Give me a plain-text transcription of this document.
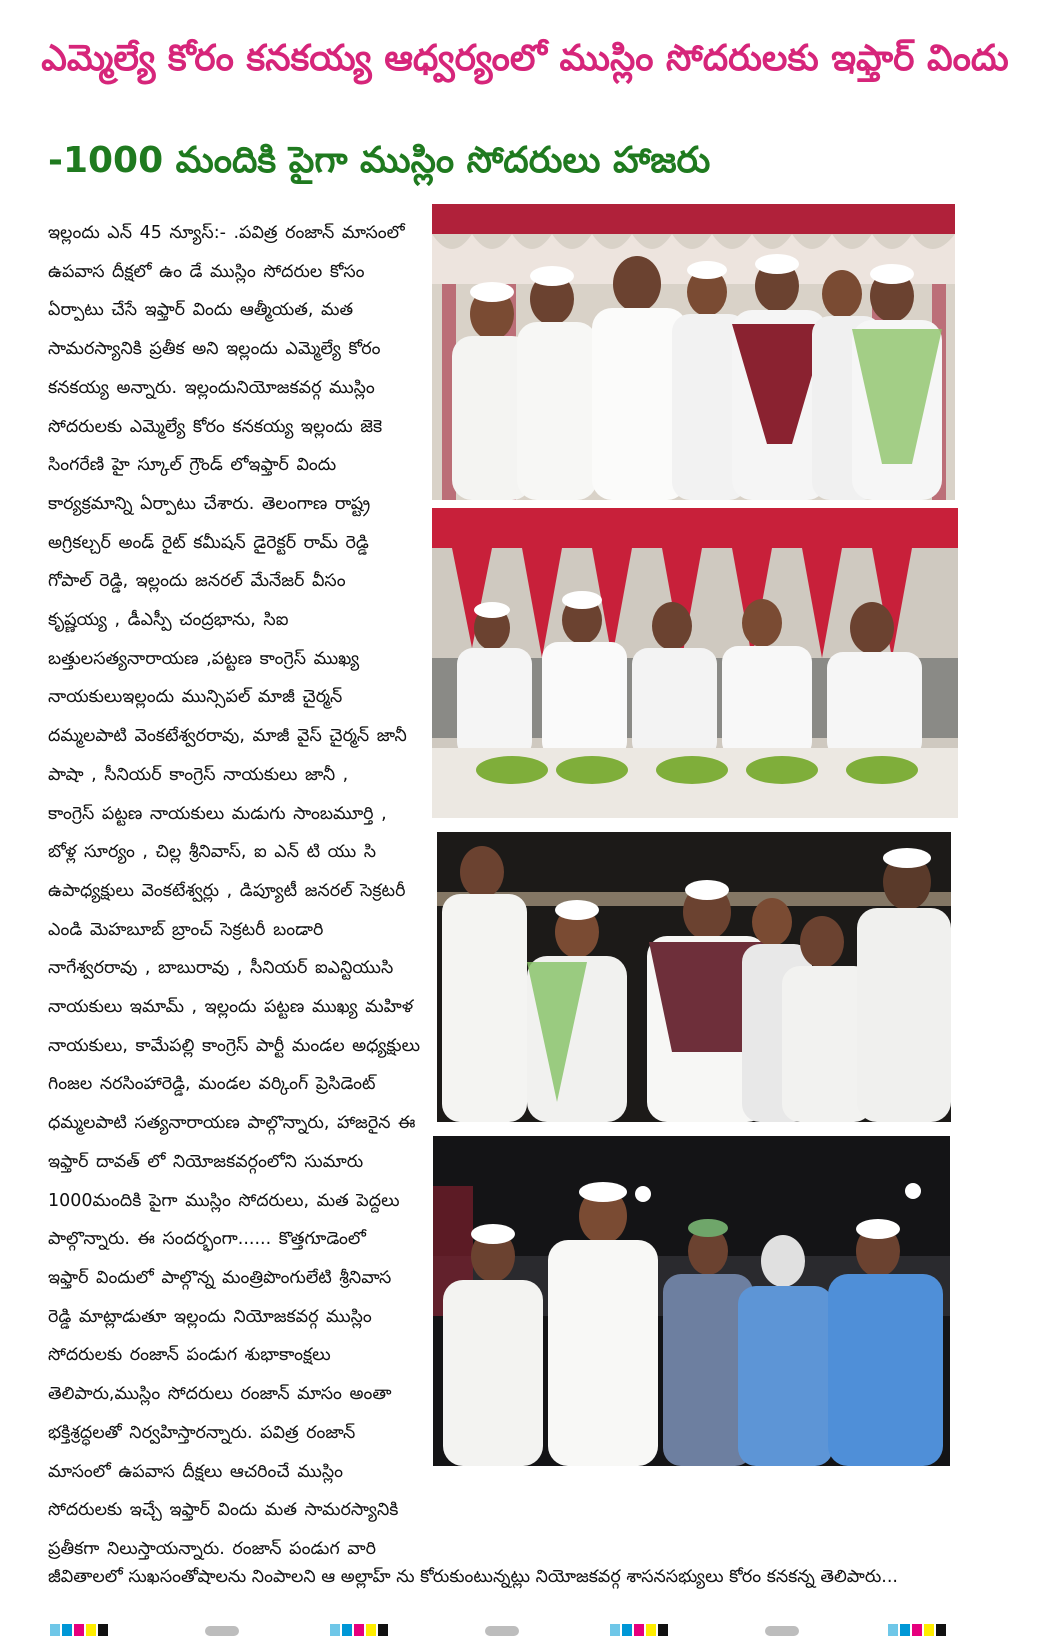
ఎమ్మెల్యే కోరం కనకయ్య ఆధ్వర్యంలో ముస్లిం సోదరులకు ఇఫ్తార్ విందు
-1000 మందికి పైగా ముస్లిం సోదరులు హాజరు
ఇల్లందు ఎన్ 45 న్యూస్:- .పవిత్ర రంజాన్ మాసంలో
ఉపవాస దీక్షలో ఉం డే ముస్లిం సోదరుల కోసం
ఏర్పాటు చేసే ఇఫ్తార్ విందు ఆత్మీయత, మత
సామరస్యానికి ప్రతీక అని ఇల్లందు ఎమ్మెల్యే కోరం
కనకయ్య అన్నారు. ఇల్లందునియోజకవర్గ ముస్లిం
సోదరులకు ఎమ్మెల్యే కోరం కనకయ్య ఇల్లందు జెకె
సింగరేణి హై స్కూల్ గ్రౌండ్ లోఇఫ్తార్ విందు
కార్యక్రమాన్ని ఏర్పాటు చేశారు. తెలంగాణ రాష్ట్ర
అగ్రికల్చర్ అండ్ రైట్ కమీషన్ డైరెక్టర్ రామ్ రెడ్డి
గోపాల్ రెడ్డి, ఇల్లందు జనరల్ మేనేజర్ వీసం
కృష్ణయ్య , డీఎస్పీ చంద్రభాను, సిఐ
బత్తులసత్యనారాయణ ,పట్టణ కాంగ్రెస్ ముఖ్య
నాయకులుఇల్లందు మున్సిపల్ మాజీ చైర్మన్
దమ్మలపాటి వెంకటేశ్వరరావు, మాజీ వైస్ చైర్మన్ జానీ
పాషా , సీనియర్ కాంగ్రెస్ నాయకులు జానీ ,
కాంగ్రెస్ పట్టణ నాయకులు మడుగు సాంబమూర్తి ,
బోళ్ల సూర్యం , చిల్ల శ్రీనివాస్, ఐ ఎన్ టి యు సి
ఉపాధ్యక్షులు వెంకటేశ్వర్లు , డిప్యూటీ జనరల్ సెక్రటరీ
ఎండి మెహబూబ్ బ్రాంచ్ సెక్రటరీ బండారి
నాగేశ్వరరావు , బాబురావు , సీనియర్ ఐఎన్టియుసి
నాయకులు ఇమామ్ , ఇల్లందు పట్టణ ముఖ్య మహిళ
నాయకులు, కామేపల్లి కాంగ్రెస్ పార్టీ మండల అధ్యక్షులు
గింజల నరసింహారెడ్డి, మండల వర్కింగ్ ప్రెసిడెంట్
ధమ్మలపాటి సత్యనారాయణ పాల్గొన్నారు, హాజరైన ఈ
ఇఫ్తార్ దావత్ లో నియోజకవర్గంలోని సుమారు
1000మందికి పైగా ముస్లిం సోదరులు, మత పెద్దలు
పాల్గొన్నారు. ఈ సందర్భంగా...... కొత్తగూడెంలో
ఇఫ్తార్ విందులో పాల్గొన్న మంత్రిపొంగులేటి శ్రీనివాస
రెడ్డి మాట్లాడుతూ ఇల్లందు నియోజకవర్గ ముస్లిం
సోదరులకు రంజాన్ పండుగ శుభాకాంక్షలు
తెలిపారు,ముస్లిం సోదరులు రంజాన్ మాసం అంతా
భక్తిశ్రద్ధలతో నిర్వహిస్తారన్నారు. పవిత్ర రంజాన్
మాసంలో ఉపవాస దీక్షలు ఆచరించే ముస్లిం
సోదరులకు ఇచ్చే ఇఫ్తార్ విందు మత సామరస్యానికి
ప్రతీకగా నిలుస్తాయన్నారు. రంజాన్ పండుగ వారి
జీవితాలలో సుఖసంతోషాలను నింపాలని ఆ అల్లాహ్ ను కోరుకుంటున్నట్లు నియోజకవర్గ శాసనసభ్యులు కోరం కనకన్న తెలిపారు...
